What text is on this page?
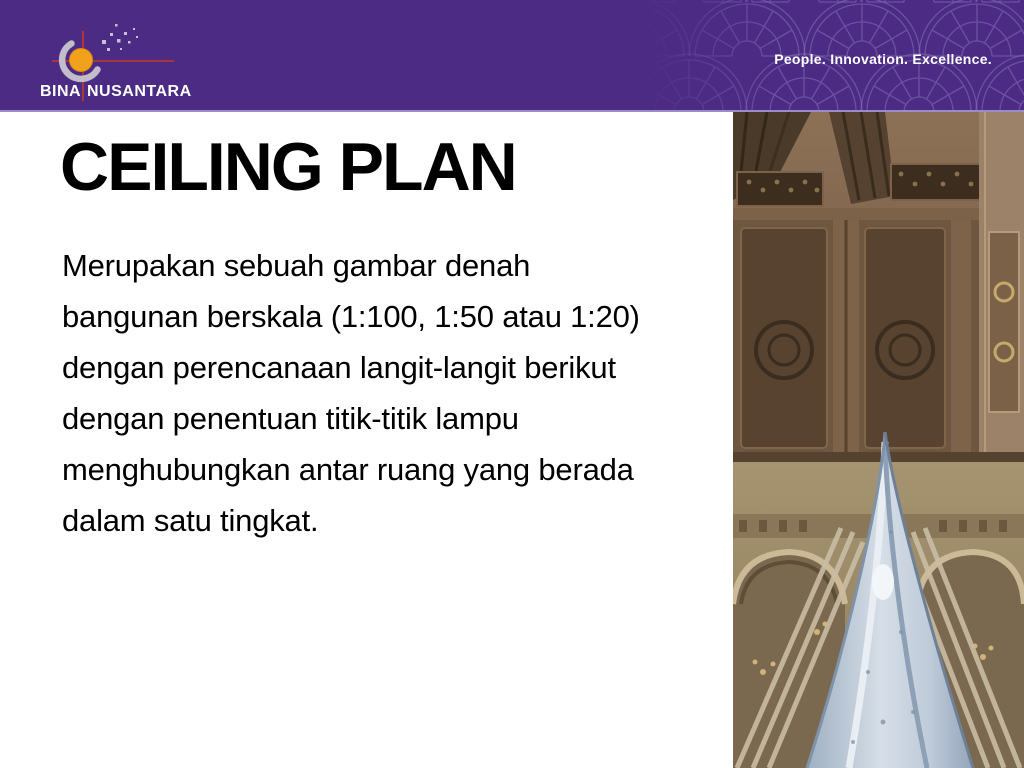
BINA NUSANTARA
People. Innovation. Excellence.
CEILING PLAN
Merupakan sebuah gambar denah
bangunan berskala (1:100, 1:50 atau 1:20)
dengan perencanaan langit-langit berikut
dengan penentuan titik-titik lampu
menghubungkan antar ruang yang berada
dalam satu tingkat.
